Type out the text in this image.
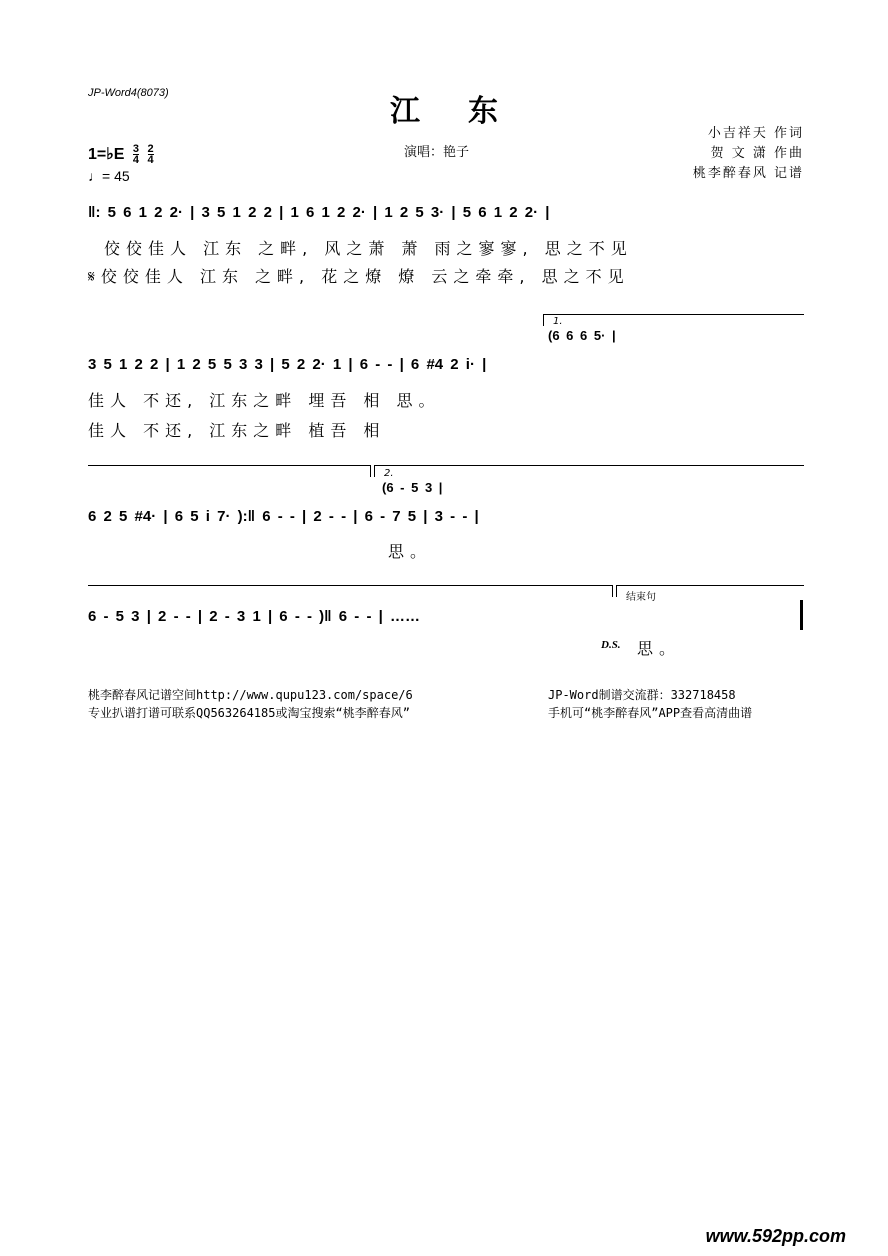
JP-Word4(8073)
江东
小吉祥天 作词
贺 文 潇 作曲
桃李醉春风 记谱
演唱：艳子
1=♭E $\frac{3}{4}$
$\frac{2}{4}$
♩= 45
‖: 5 6 1 2 2· | 3 5 1 2 2 | 1 6 1 2 2· | 1 2 5 3· | 5 6 1 2 2· |
佼佼佳人 江东 之畔, 风之萧 萧 雨之寥寥, 思之不见
𝄋佼佼佳人 江东 之畔, 花之燎 燎 云之牵牵, 思之不见
1.
(6 6 6 5· |
3 5 1 2 2 | 1 2 5 5 3 3 | 5 2 2· 1 | 6 - - | 6 #4 2 i· |
佳人 不还, 江东之畔 埋吾 相 思。
佳人 不还, 江东之畔 植吾 相
2.
(6 - 5 3 |
6 2 5 #4· | 6 5 i 7· ):‖ 6 - - | 2 - - | 6 - 7 5 | 3 - - |
思。
结束句
6 - 5 3 | 2 - - | 2 - 3 1 | 6 - - )‖ 6 - - | ……
D.S. 思。
桃李醉春风记谱空间http://www.qupu123.com/space/6
专业扒谱打谱可联系QQ563264185或淘宝搜索“桃李醉春风”
JP-Word制谱交流群：332718458
手机可“桃李醉春风”APP查看高清曲谱
www.592pp.com
